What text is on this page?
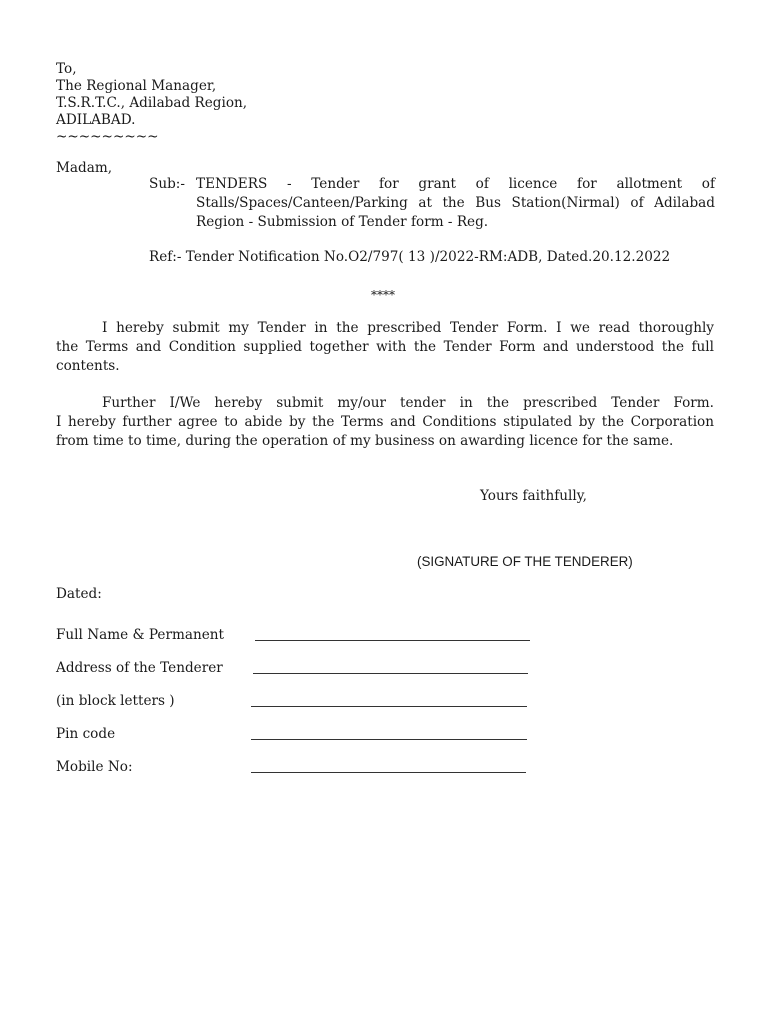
To,
The Regional Manager,
T.S.R.T.C., Adilabad Region,
ADILABAD.
~~~~~~~~~
Madam,
Sub:- TENDERS - Tender for grant of licence for allotment of
Stalls/Spaces/Canteen/Parking at the Bus Station(Nirmal) of Adilabad
Region - Submission of Tender form - Reg.
Ref:- Tender Notification No.O2/797( 13 )/2022-RM:ADB, Dated.20.12.2022
****
I hereby submit my Tender in the prescribed Tender Form. I we read thoroughly
the Terms and Condition supplied together with the Tender Form and understood the full
contents.
Further I/We hereby submit my/our tender in the prescribed Tender Form.
I hereby further agree to abide by the Terms and Conditions stipulated by the Corporation
from time to time, during the operation of my business on awarding licence for the same.
Yours faithfully,
(SIGNATURE OF THE TENDERER)
Dated:
Full Name & Permanent
Address of the Tenderer
(in block letters )
Pin code
Mobile No:
